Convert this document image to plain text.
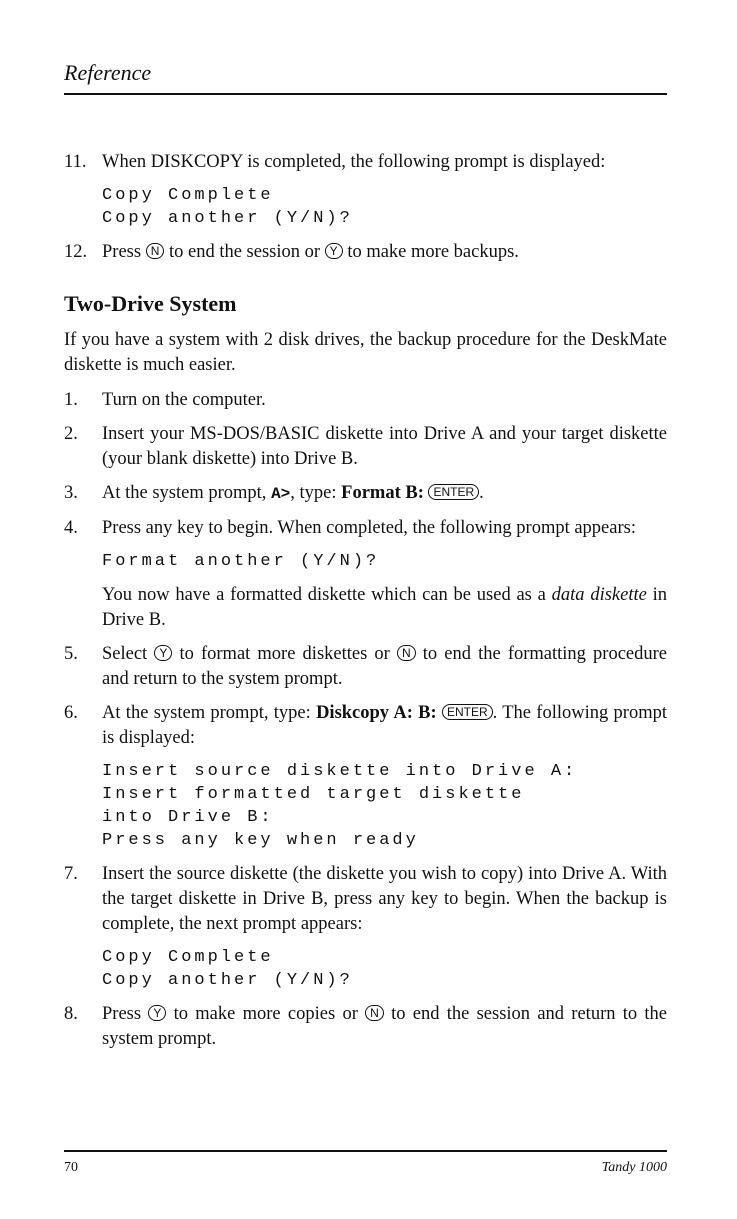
Reference
11. When DISKCOPY is completed, the following prompt is displayed:
Copy Complete
Copy another (Y/N)?
12. Press N to end the session or Y to make more backups.
Two-Drive System
If you have a system with 2 disk drives, the backup procedure for the DeskMate diskette is much easier.
1. Turn on the computer.
2. Insert your MS-DOS/BASIC diskette into Drive A and your target diskette (your blank diskette) into Drive B.
3. At the system prompt, A>, type: Format B: ENTER .
4. Press any key to begin. When completed, the following prompt appears:
Format another (Y/N)?
You now have a formatted diskette which can be used as a data diskette in Drive B.
5. Select Y to format more diskettes or N to end the formatting procedure and return to the system prompt.
6. At the system prompt, type: Diskcopy A: B: ENTER . The following prompt is displayed:
Insert source diskette into Drive A:
Insert formatted target diskette
into Drive B:
Press any key when ready
7. Insert the source diskette (the diskette you wish to copy) into Drive A. With the target diskette in Drive B, press any key to begin. When the backup is complete, the next prompt appears:
Copy Complete
Copy another (Y/N)?
8. Press Y to make more copies or N to end the session and return to the system prompt.
70	Tandy 1000
